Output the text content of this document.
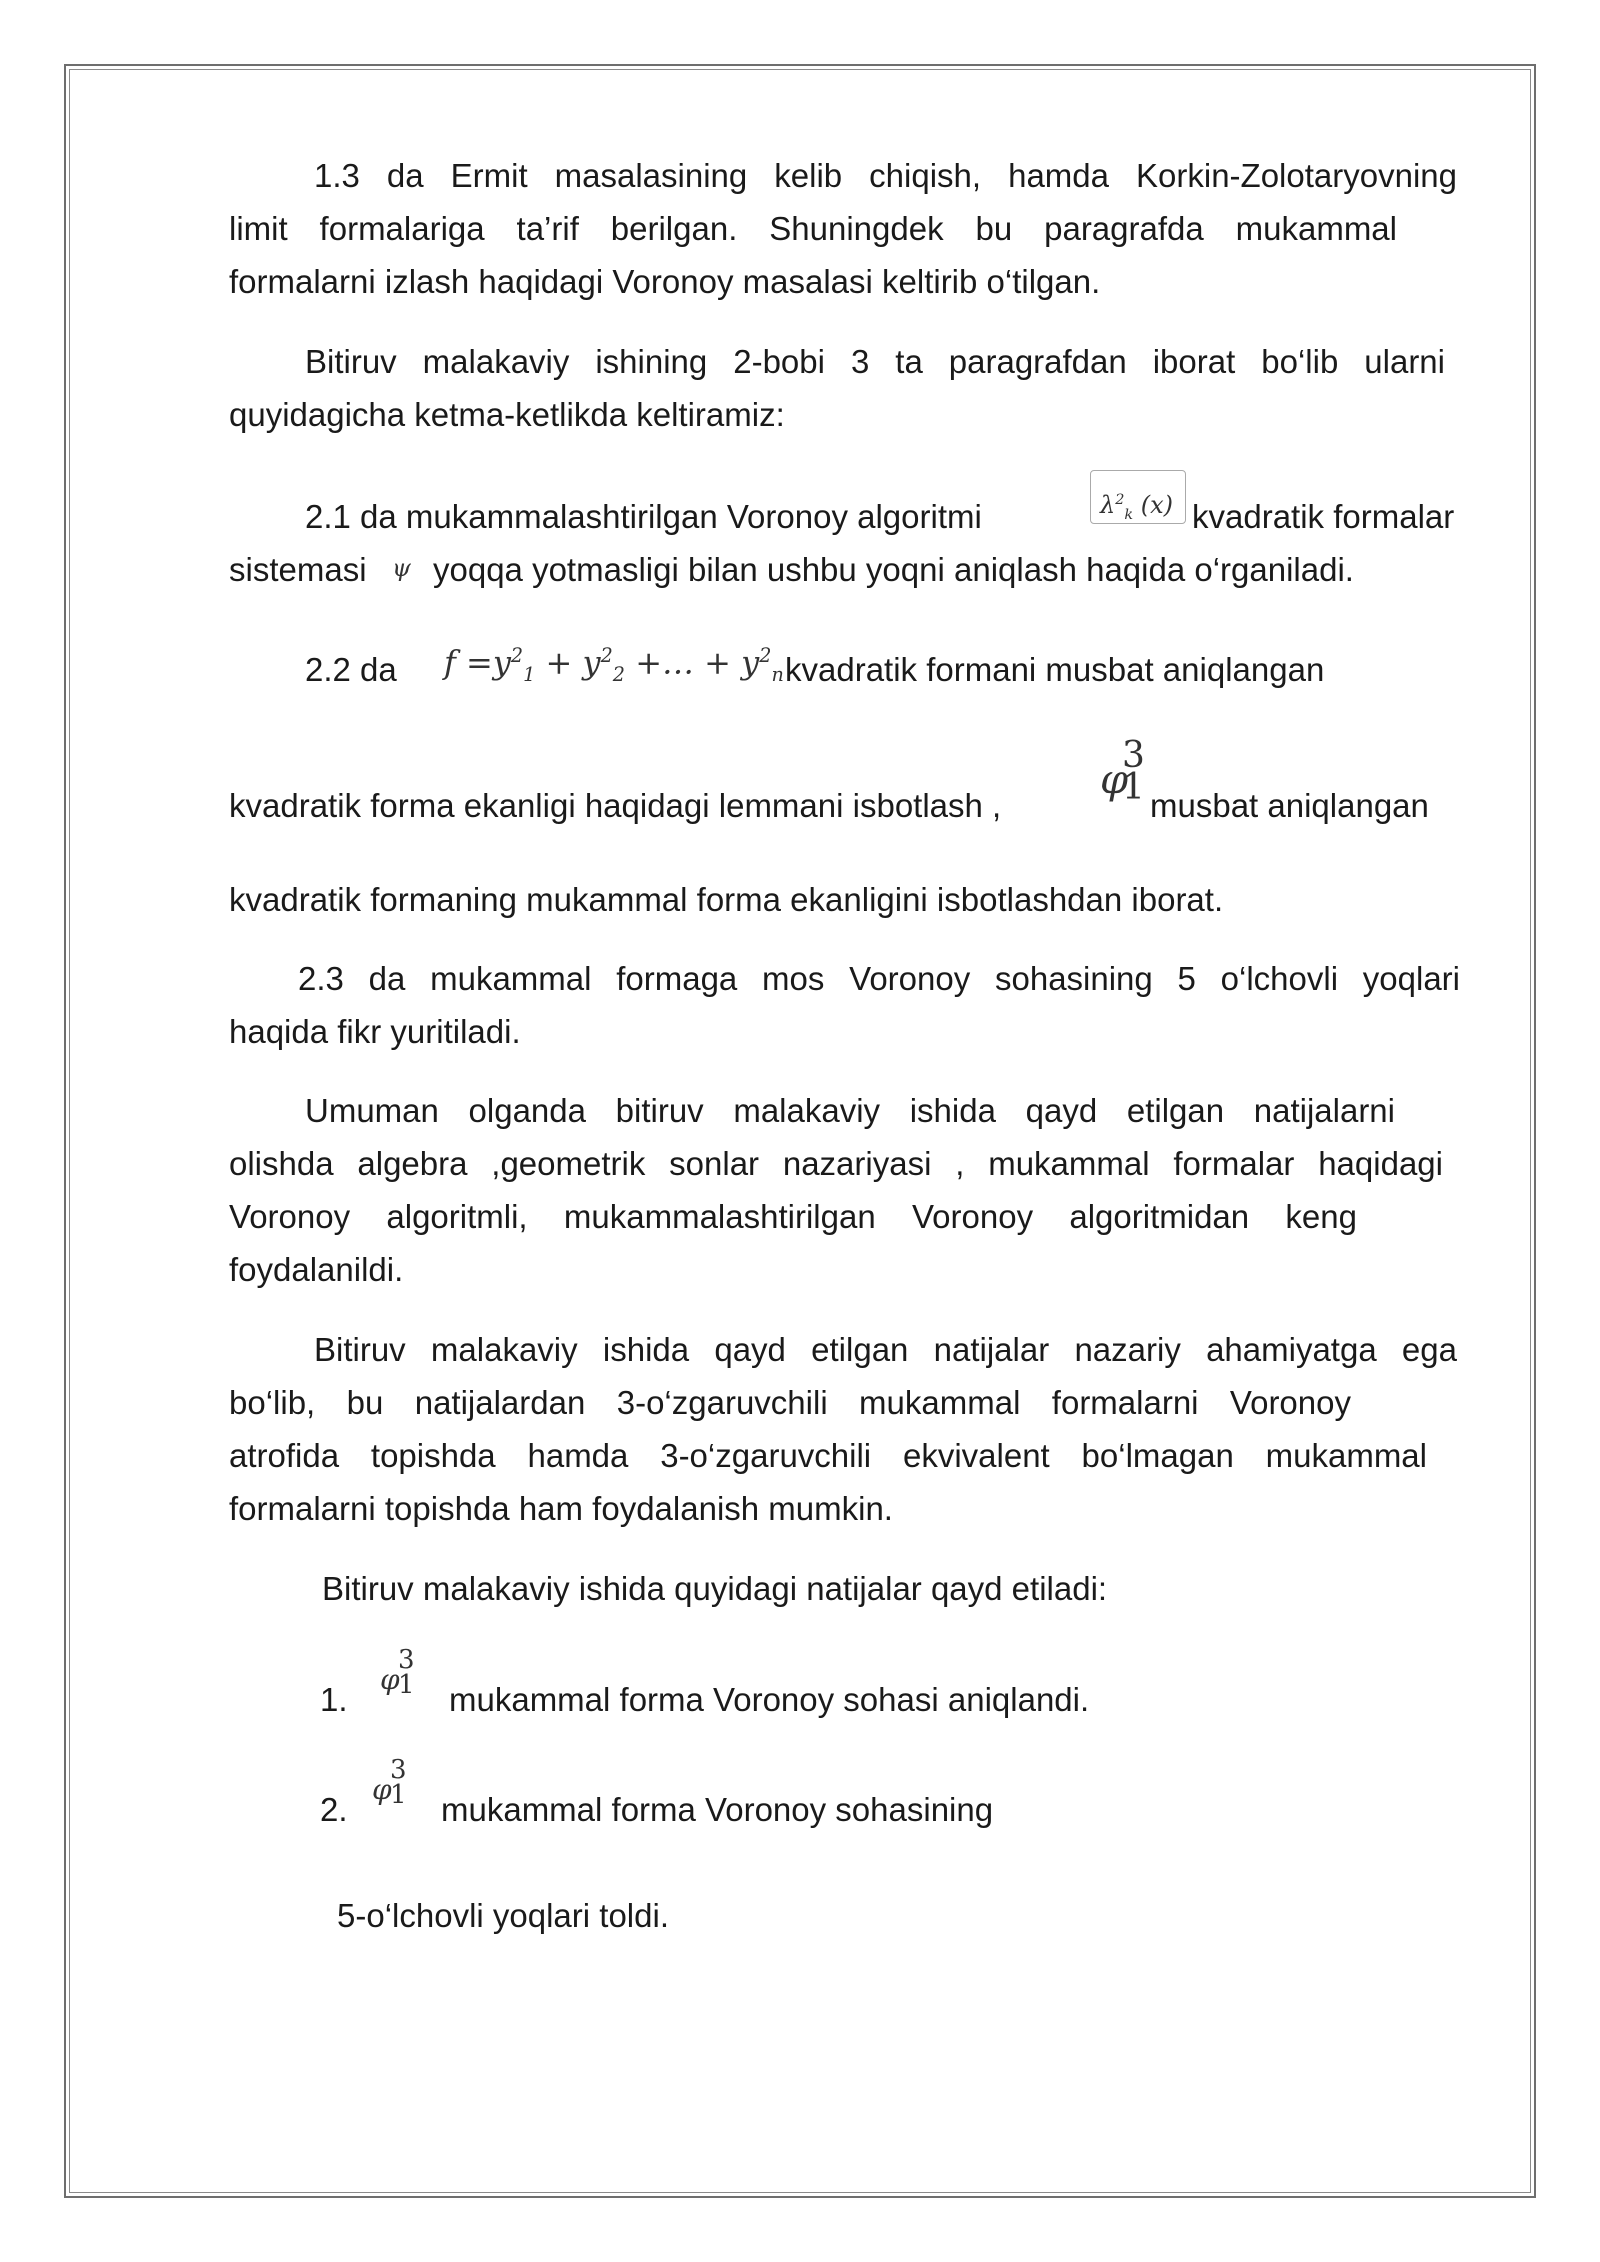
1.3 da Ermit masalasining kelib chiqish, hamda Korkin-Zolotaryovning
limit formalariga ta’rif berilgan. Shuningdek bu paragrafda mukammal
formalarni izlash haqidagi Voronoy masalasi keltirib o‘tilgan.
Bitiruv malakaviy ishining 2-bobi 3 ta paragrafdan iborat bo‘lib ularni
quyidagicha ketma-ketlikda keltiramiz:
2.1 da mukammalashtirilgan Voronoy algoritmi	$\lambda^2_k$ (x) kvadratik formalar
sistemasi ψ yoqqa yotmasligi bilan ushbu yoqni aniqlash haqida o‘rganiladi.
2.2 da $f =y^2_1 + y^2_2$ +… + $y^2_n$ kvadratik formani musbat aniqlangan
kvadratik forma ekanligi haqidagi lemmani isbotlash ,
φ
3
1 musbat aniqlangan
kvadratik formaning mukammal forma ekanligini isbotlashdan iborat.
2.3 da mukammal formaga mos Voronoy sohasining 5 o‘lchovli yoqlari
haqida fikr yuritiladi.
Umuman olganda bitiruv malakaviy ishida qayd etilgan natijalarni
olishda algebra ,geometrik sonlar nazariyasi , mukammal formalar haqidagi
Voronoy algoritmli, mukammalashtirilgan Voronoy algoritmidan keng
foydalanildi.
Bitiruv malakaviy ishida qayd etilgan natijalar nazariy ahamiyatga ega
bo‘lib, bu natijalardan 3-o‘zgaruvchili mukammal formalarni Voronoy
atrofida topishda hamda 3-o‘zgaruvchili ekvivalent bo‘lmagan mukammal
formalarni topishda ham foydalanish mumkin.
Bitiruv malakaviy ishida quyidagi natijalar qayd etiladi:
1.
φ
3
1 mukammal forma Voronoy sohasi aniqlandi.
2.
φ
3
1 mukammal forma Voronoy sohasining
5-o‘lchovli yoqlari toldi.
